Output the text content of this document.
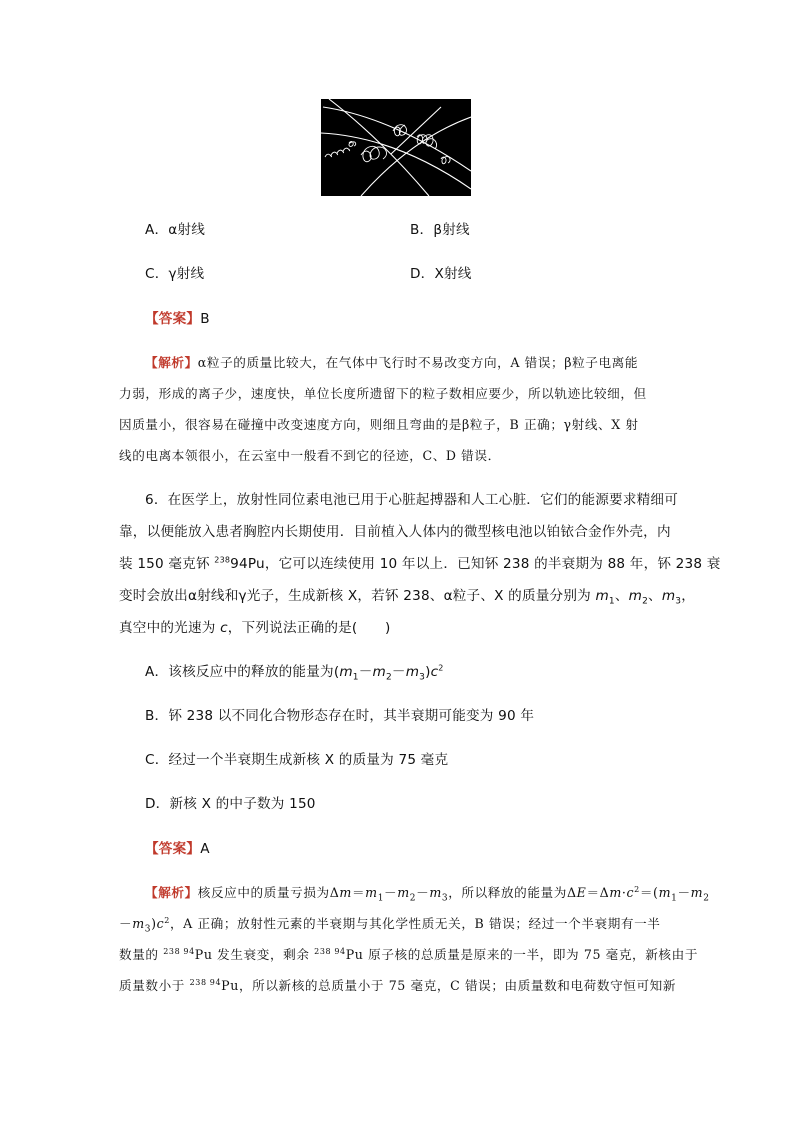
A．α射线	B．β射线
C．γ射线	D．X射线
【答案】B
【解析】α粒子的质量比较大，在气体中飞行时不易改变方向，A 错误；β粒子电离能
力弱，形成的离子少，速度快，单位长度所遗留下的粒子数相应要少，所以轨迹比较细，但
因质量小，很容易在碰撞中改变速度方向，则细且弯曲的是β粒子，B 正确；γ射线、X 射
线的电离本领很小，在云室中一般看不到它的径迹，C、D 错误．
6．在医学上，放射性同位素电池已用于心脏起搏器和人工心脏．它们的能源要求精细可
靠，以便能放入患者胸腔内长期使用．目前植入人体内的微型核电池以铂铱合金作外壳，内
装 150 毫克钚 $^{238}$94Pu，它可以连续使用 10 年以上．已知钚 238 的半衰期为 88 年，钚 238 衰
变时会放出α射线和γ光子，生成新核 X，若钚 238、α粒子、X 的质量分别为 $m_1$、$m_2$、$m_3$，
真空中的光速为 c，下列说法正确的是(　　)
A．该核反应中的释放的能量为$(m_1-m_2-m_3)c^2$
B．钚 238 以不同化合物形态存在时，其半衰期可能变为 90 年
C．经过一个半衰期生成新核 X 的质量为 75 毫克
D．新核 X 的中子数为 150
【答案】A
【解析】核反应中的质量亏损为$\Delta m=m_1-m_2-m_3$，所以释放的能量为$\Delta E=\Delta m\cdot c^2=(m_1-m_2$
$-m_3)c^2$，A 正确；放射性元素的半衰期与其化学性质无关，B 错误；经过一个半衰期有一半
数量的 $^{238 94}$Pu 发生衰变，剩余 $^{238 94}$Pu 原子核的总质量是原来的一半，即为 75 毫克，新核由于
质量数小于 $^{238 94}$Pu，所以新核的总质量小于 75 毫克，C 错误；由质量数和电荷数守恒可知新
